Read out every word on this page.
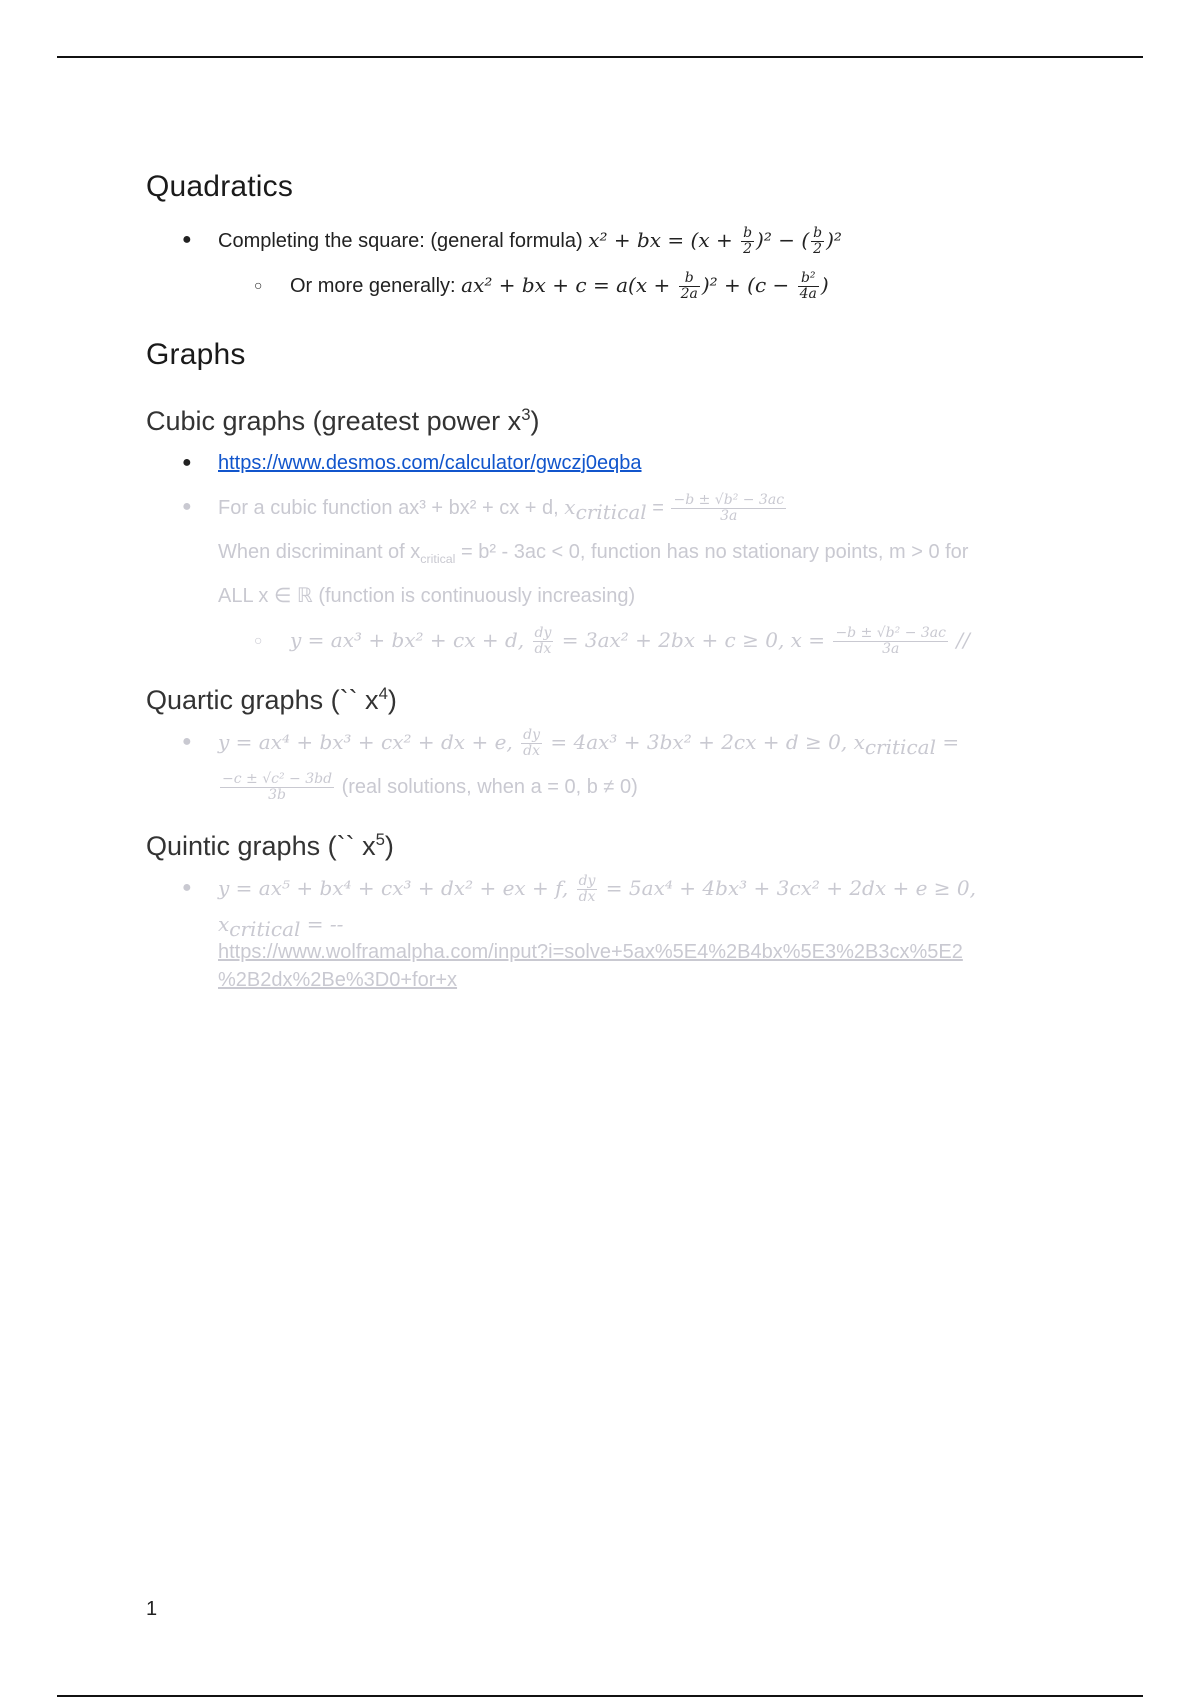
Quadratics
● Completing the square: (general formula) x² + bx = $(x + \frac{b}{2} )^2$ − ( $\frac{b}{2} )^2$
○ Or more generally: ax² + bx + $c = a(x + \frac{b}{2a} )^2 + (c - \frac{\text{b²}}{4a}$ )
Graphs
Cubic graphs (greatest power $x^3$)
● https://www.desmos.com/calculator/gwczj0eqba
● For a cubic function ax³ + bx² + cx + d, xcritical = $\frac{\text{−b ± √b² − 3ac}}{3a}$
When discriminant of $x_{critical} = b^2 - 3ac < 0$, function has no stationary points, m > 0 for
ALL x ∈ ℝ (function is continuously increasing)
○ y = ax³ + bx² + cx + d, $\frac{dy}{dx} = 3ax^2 + 2bx + c \ge 0$, $x = \frac{\text{−b ± √b² − 3ac}}{3a}$ //
Quartic graphs (`` $x^4$)
● y = ax⁴ + bx³ + cx² + dx + e, $\frac{dy}{dx} = 4ax^3 + 3bx^2 + 2cx + d \ge 0$, xcritical =
$\frac{\text{−c ± √c² − 3bd}}{3b}$ (real solutions, when a = 0, b ≠ 0)
Quintic graphs (`` $x^5$)
● y = ax⁵ + bx⁴ + cx³ + dx² + ex + f, $\frac{dy}{dx} = 5ax^4 + 4bx^3 + 3cx^2 + 2dx + e \ge 0$,
xcritical = --
https://www.wolframalpha.com/input?i=solve+5ax%5E4%2B4bx%5E3%2B3cx%5E2
%2B2dx%2Be%3D0+for+x
1
